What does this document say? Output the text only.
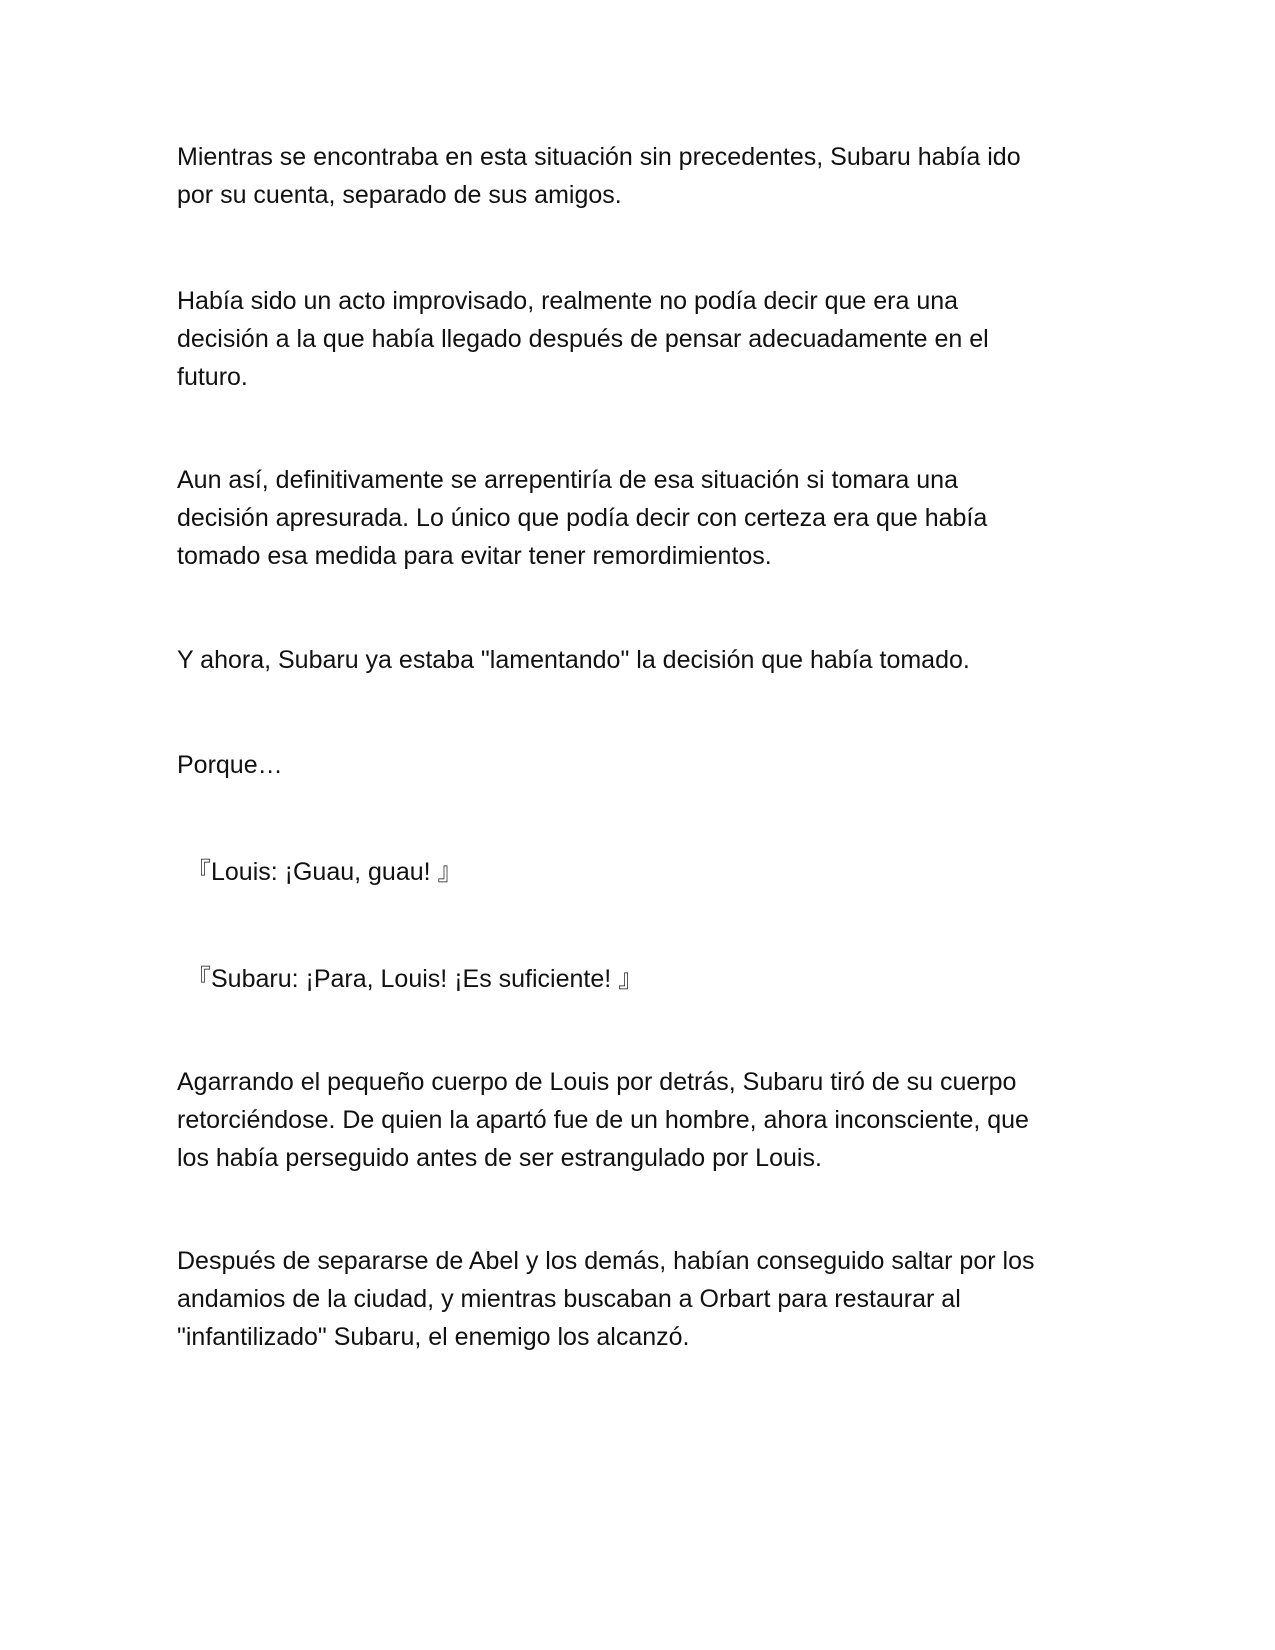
Mientras se encontraba en esta situación sin precedentes, Subaru había ido
por su cuenta, separado de sus amigos.

Había sido un acto improvisado, realmente no podía decir que era una
decisión a la que había llegado después de pensar adecuadamente en el
futuro.

Aun así, definitivamente se arrepentiría de esa situación si tomara una
decisión apresurada. Lo único que podía decir con certeza era que había
tomado esa medida para evitar tener remordimientos.

Y ahora, Subaru ya estaba "lamentando" la decisión que había tomado.

Porque…

『Louis: ¡Guau, guau! 』

『Subaru: ¡Para, Louis! ¡Es suficiente! 』

Agarrando el pequeño cuerpo de Louis por detrás, Subaru tiró de su cuerpo
retorciéndose. De quien la apartó fue de un hombre, ahora inconsciente, que
los había perseguido antes de ser estrangulado por Louis.

Después de separarse de Abel y los demás, habían conseguido saltar por los
andamios de la ciudad, y mientras buscaban a Orbart para restaurar al
"infantilizado" Subaru, el enemigo los alcanzó.
